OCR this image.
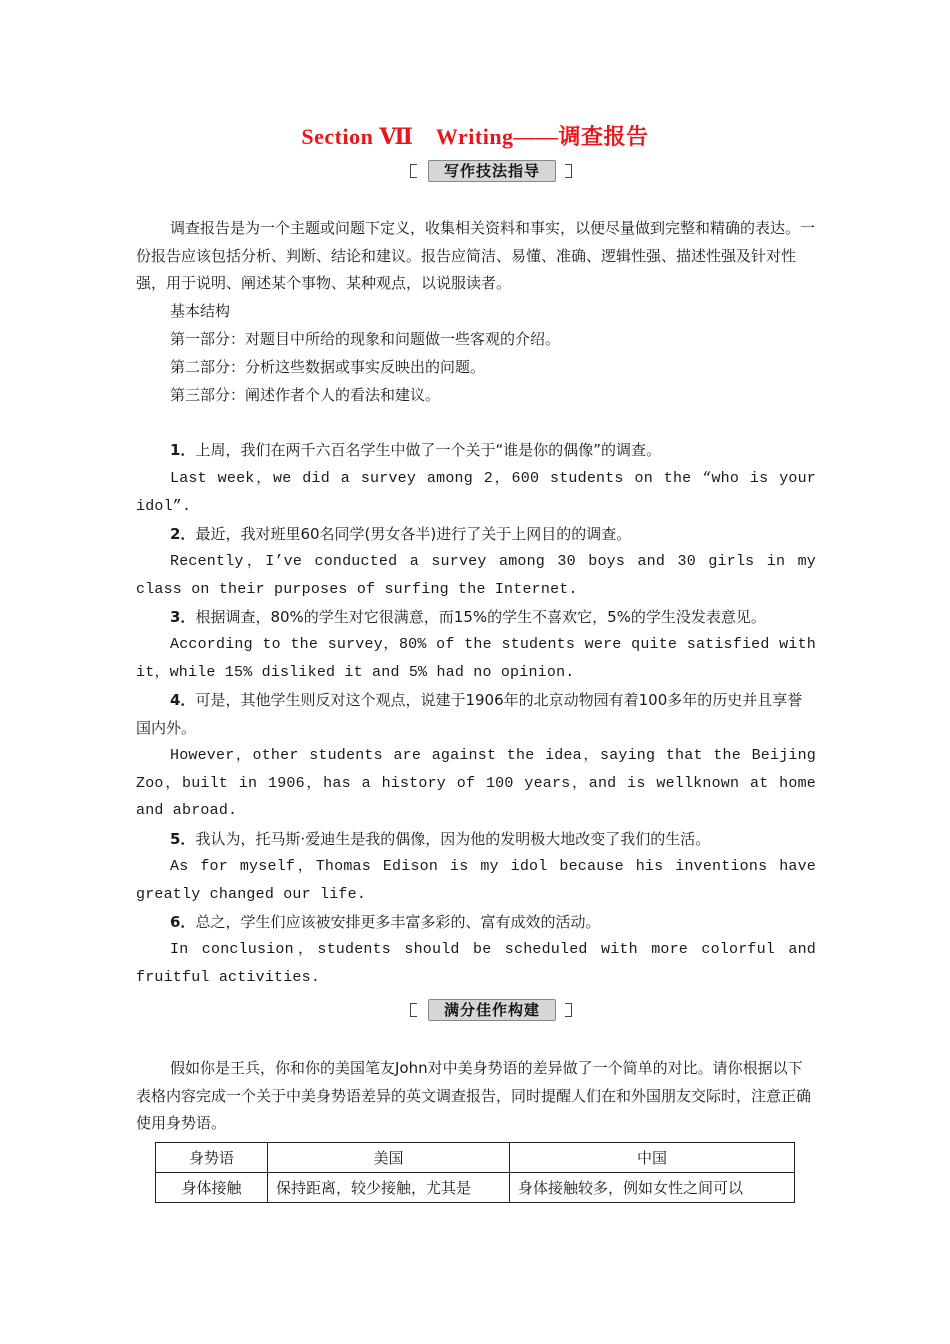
Section Ⅶ　Writing——调查报告
写作技法指导

调查报告是为一个主题或问题下定义，收集相关资料和事实，以便尽量做到完整和精确的表达。一份报告应该包括分析、判断、结论和建议。报告应简洁、易懂、准确、逻辑性强、描述性强及针对性强，用于说明、阐述某个事物、某种观点，以说服读者。

基本结构

第一部分：对题目中所给的现象和问题做一些客观的介绍。

第二部分：分析这些数据或事实反映出的问题。

第三部分：阐述作者个人的看法和建议。

1．上周，我们在两千六百名学生中做了一个关于“谁是你的偶像”的调查。

Last week，we did a survey among 2，600 students on the “who is your idol”.

2．最近，我对班里60名同学(男女各半)进行了关于上网目的的调查。

Recently，I’ve conducted a survey among 30 boys and 30 girls in my class on their purposes of surfing the Internet.

3．根据调查，80%的学生对它很满意，而15%的学生不喜欢它，5%的学生没发表意见。

According to the survey，80% of the students were quite satisfied with it，while 15% disliked it and 5% had no opinion.

4．可是，其他学生则反对这个观点，说建于1906年的北京动物园有着100多年的历史并且享誉国内外。

However，other students are against the idea，saying that the Beijing Zoo，built in 1906，has a history of 100 years，and is wellknown at home and abroad.

5．我认为，托马斯·爱迪生是我的偶像，因为他的发明极大地改变了我们的生活。

As for myself，Thomas Edison is my idol because his inventions have greatly changed our life.

6．总之，学生们应该被安排更多丰富多彩的、富有成效的活动。

In conclusion，students should be scheduled with more colorful and fruitful activities.

满分佳作构建

假如你是王兵，你和你的美国笔友John对中美身势语的差异做了一个简单的对比。请你根据以下表格内容完成一个关于中美身势语差异的英文调查报告，同时提醒人们在和外国朋友交际时，注意正确使用身势语。

身势语	美国	中国
身体接触	保持距离，较少接触，尤其是	身体接触较多，例如女性之间可以
